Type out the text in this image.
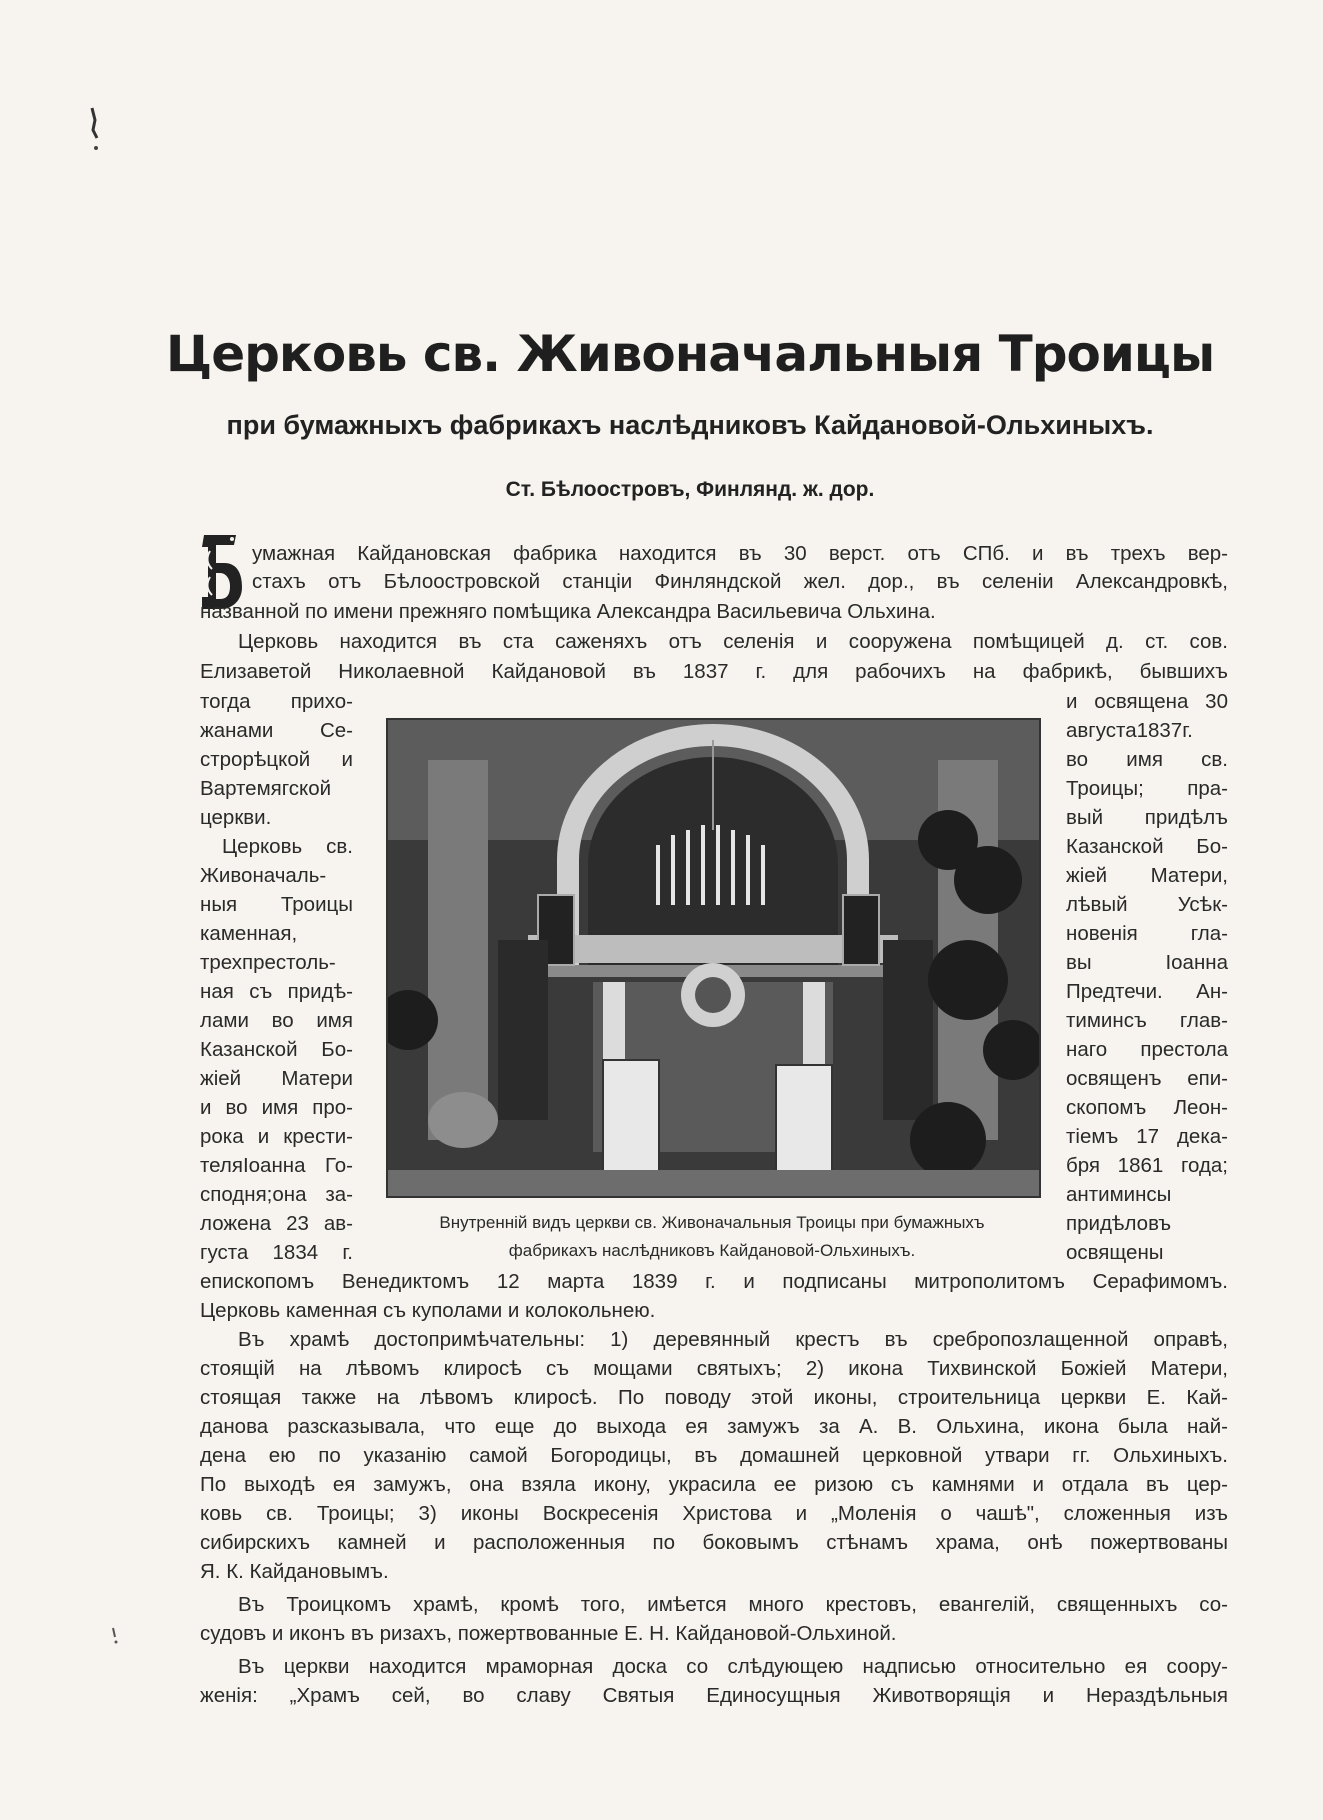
Церковь св. Живоначальныя Троицы
при бумажныхъ фабрикахъ наслѣдниковъ Кайдановой-Ольхиныхъ.
Ст. Бѣлоостровъ, Финлянд. ж. дор.
умажная Кайдановская фабрика находится въ 30 верст. отъ СПб. и въ трехъ вер-
стахъ отъ Бѣлоостровской станціи Финляндской жел. дор., въ селеніи Александровкѣ,
названной по имени прежняго помѣщика Александра Васильевича Ольхина.
Церковь находится въ ста саженяхъ отъ селенія и сооружена помѣщицей д. ст. сов.
Елизаветой Николаевной Кайдановой въ 1837 г. для рабочихъ на фабрикѣ, бывшихъ
тогда прихо-
жанами Се-
строрѣцкой и
Вартемягской
церкви.
Церковь св.
Живоначаль-
ныя Троицы
каменная,
трехпрестоль-
ная съ придѣ-
лами во имя
Казанской Бо-
жіей Матери
и во имя про-
рока и крести-
теляІоанна Го-
сподня;она за-
ложена 23 ав-
густа 1834 г.
и освящена 30
августа1837г.
во имя св.
Троицы; пра-
вый придѣлъ
Казанской Бо-
жіей Матери,
лѣвый Усѣк-
новенія гла-
вы Іоанна
Предтечи. Ан-
тиминсъ глав-
наго престола
освященъ епи-
скопомъ Леон-
тіемъ 17 дека-
бря 1861 года;
антиминсы
придѣловъ
освящены
Внутренній видъ церкви св. Живоначальныя Троицы при бумажныхъ
фабрикахъ наслѣдниковъ Кайдановой-Ольхиныхъ.
епископомъ Венедиктомъ 12 марта 1839 г. и подписаны митрополитомъ Серафимомъ.
Церковь каменная съ куполами и колокольнею.
Въ храмѣ достопримѣчательны: 1) деревянный крестъ въ сребропозлащенной оправѣ,
стоящій на лѣвомъ клиросѣ съ мощами святыхъ; 2) икона Тихвинской Божіей Матери,
стоящая также на лѣвомъ клиросѣ. По поводу этой иконы, строительница церкви Е. Кай-
данова разсказывала, что еще до выхода ея замужъ за А. В. Ольхина, икона была най-
дена ею по указанію самой Богородицы, въ домашней церковной утвари гг. Ольхиныхъ.
По выходѣ ея замужъ, она взяла икону, украсила ее ризою съ камнями и отдала въ цер-
ковь св. Троицы; 3) иконы Воскресенія Христова и „Моленія о чашѣ", сложенныя изъ
сибирскихъ камней и расположенныя по боковымъ стѣнамъ храма, онѣ пожертвованы
Я. К. Кайдановымъ.
Въ Троицкомъ храмѣ, кромѣ того, имѣется много крестовъ, евангелій, священныхъ со-
судовъ и иконъ въ ризахъ, пожертвованные Е. Н. Кайдановой-Ольхиной.
Въ церкви находится мраморная доска со слѣдующею надписью относительно ея соору-
женія: „Храмъ сей, во славу Святыя Единосущныя Животворящія и Нераздѣльныя
